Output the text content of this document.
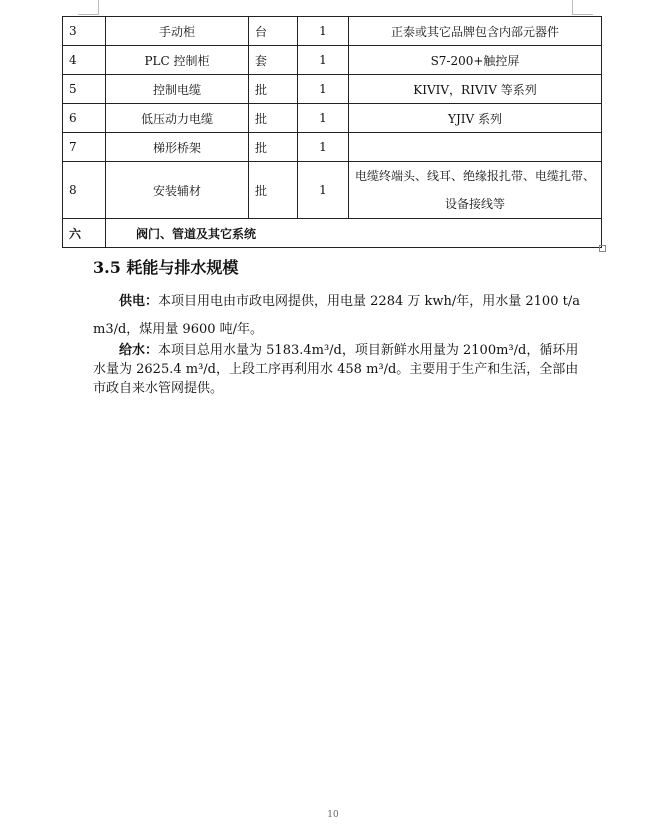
3	手动柜	台	1	正泰或其它品牌包含内部元器件
4	PLC 控制柜	套	1	S7-200+触控屏
5	控制电缆	批	1	KIVIV，RIVIV 等系列
6	低压动力电缆	批	1	YJIV 系列
7	梯形桥架	批	1	
8	安装辅材	批	1	电缆终端头、线耳、绝缘报扎带、电缆扎带、设备接线等
六	阀门、管道及其它系统			
3.5 耗能与排水规模
供电：本项目用电由市政电网提供，用电量 2284 万 kwh/年，用水量 2100 t/a m3/d，煤用量 9600 吨/年。
给水：本项目总用水量为 5183.4m³/d，项目新鲜水用量为 2100m³/d，循环用水量为 2625.4 m³/d，上段工序再利用水 458 m³/d。主要用于生产和生活，全部由市政自来水管网提供。
10
